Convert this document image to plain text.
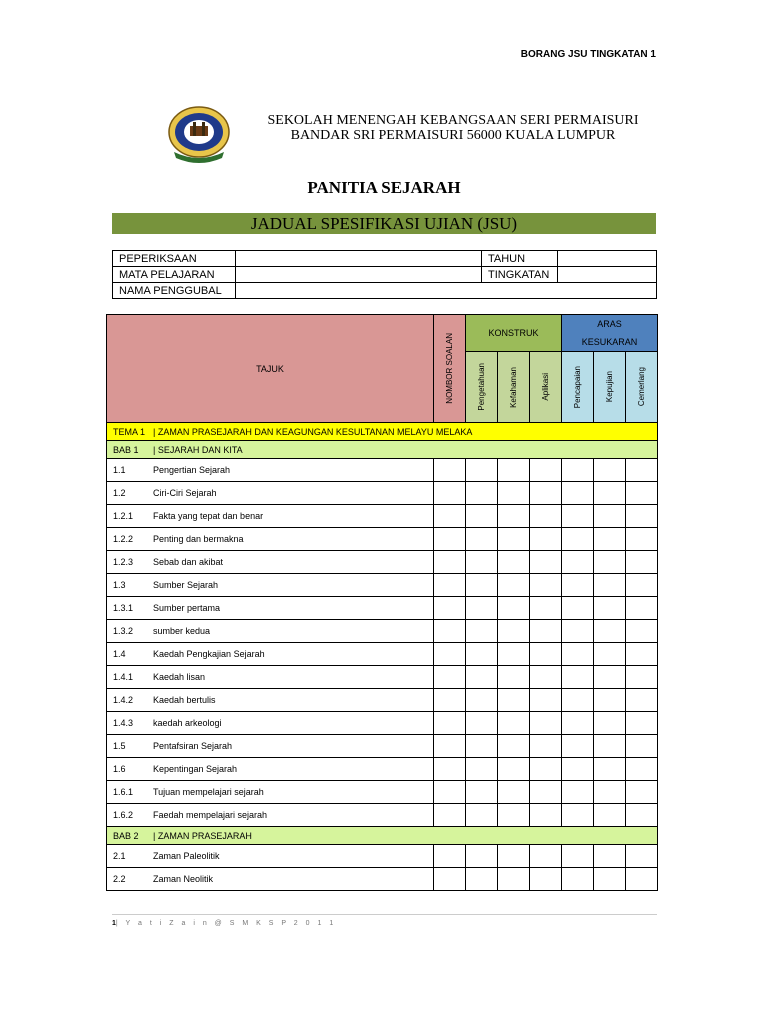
BORANG JSU TINGKATAN 1
SEKOLAH MENENGAH KEBANGSAAN SERI PERMAISURI
BANDAR SRI PERMAISURI 56000 KUALA LUMPUR
PANITIA SEJARAH
JADUAL SPESIFIKASI UJIAN (JSU)
PEPERIKSAAN		TAHUN	
MATA PELAJARAN		TINGKATAN	
NAMA PENGGUBAL			
TAJUK	NOMBOR SOALAN	KONSTRUK			ARAS
KESUKARAN		

		Pengetahuan	Kefahaman	Aplikasi	Pencapaian	Kepujian	Cemerlang

TEMA 1 | ZAMAN PRASEJARAH DAN KEAGUNGAN KESULTANAN MELAYU MELAKA							
BAB 1 | SEJARAH DAN KITA							
1.1 Pengertian Sejarah							
1.2 Ciri-Ciri Sejarah							
1.2.1 Fakta yang tepat dan benar							
1.2.2 Penting dan bermakna							
1.2.3 Sebab dan akibat							
1.3 Sumber Sejarah							
1.3.1 Sumber pertama							
1.3.2 sumber kedua							
1.4 Kaedah Pengkajian Sejarah							
1.4.1 Kaedah lisan							
1.4.2 Kaedah bertulis							
1.4.3 kaedah arkeologi							
1.5 Pentafsiran Sejarah							
1.6 Kepentingan Sejarah							
1.6.1 Tujuan mempelajari sejarah							
1.6.2 Faedah mempelajari sejarah							
BAB 2 | ZAMAN PRASEJARAH							
2.1 Zaman Paleolitik							
2.2 Zaman Neolitik							
1| Y a t i Z a i n @ S M K S P 2 0 1 1
